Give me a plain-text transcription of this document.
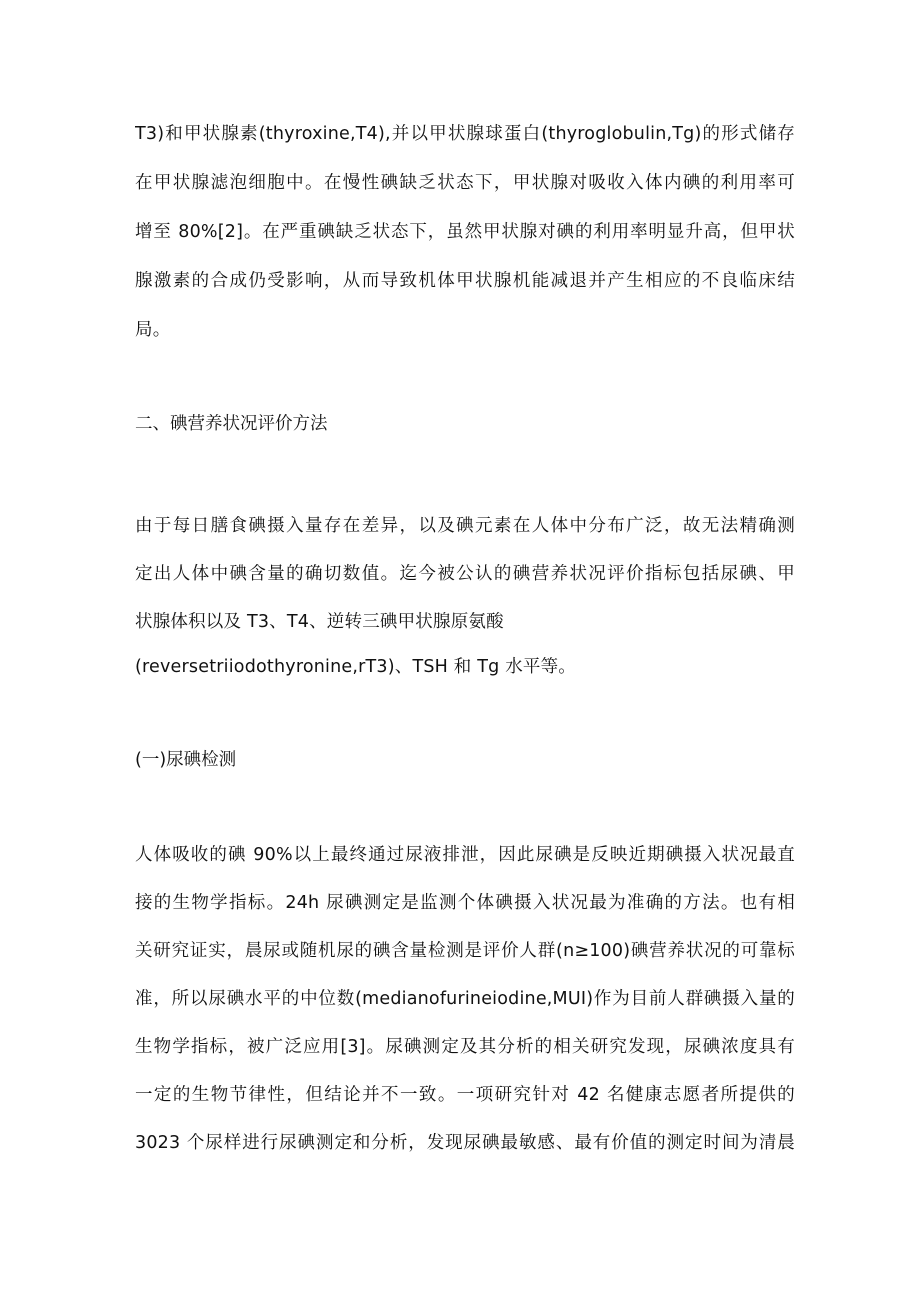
T3)和甲状腺素(thyroxine,T4),并以甲状腺球蛋白(thyroglobulin,Tg)的形式储存
在甲状腺滤泡细胞中。在慢性碘缺乏状态下，甲状腺对吸收入体内碘的利用率可
增至 80%[2]。在严重碘缺乏状态下，虽然甲状腺对碘的利用率明显升高，但甲状
腺激素的合成仍受影响，从而导致机体甲状腺机能减退并产生相应的不良临床结
局。
二、碘营养状况评价方法
由于每日膳食碘摄入量存在差异，以及碘元素在人体中分布广泛，故无法精确测
定出人体中碘含量的确切数值。迄今被公认的碘营养状况评价指标包括尿碘、甲
状腺体积以及 T3、T4、逆转三碘甲状腺原氨酸
(reversetriiodothyronine,rT3)、TSH 和 Tg 水平等。
(一)尿碘检测
人体吸收的碘 90%以上最终通过尿液排泄，因此尿碘是反映近期碘摄入状况最直
接的生物学指标。24h 尿碘测定是监测个体碘摄入状况最为准确的方法。也有相
关研究证实，晨尿或随机尿的碘含量检测是评价人群(n≥100)碘营养状况的可靠标
准，所以尿碘水平的中位数(medianofurineiodine,MUI)作为目前人群碘摄入量的
生物学指标，被广泛应用[3]。尿碘测定及其分析的相关研究发现，尿碘浓度具有
一定的生物节律性，但结论并不一致。一项研究针对 42 名健康志愿者所提供的
3023 个尿样进行尿碘测定和分析，发现尿碘最敏感、最有价值的测定时间为清晨
